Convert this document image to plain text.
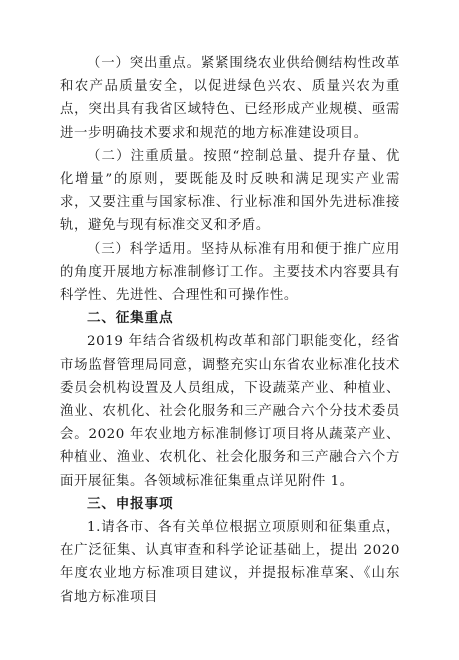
（一）突出重点。紧紧围绕农业供给侧结构性改革和农产品质量安全，以促进绿色兴农、质量兴农为重点，突出具有我省区域特色、已经形成产业规模、亟需进一步明确技术要求和规范的地方标准建设项目。

（二）注重质量。按照“控制总量、提升存量、优化增量”的原则，要既能及时反映和满足现实产业需求，又要注重与国家标准、行业标准和国外先进标准接轨，避免与现有标准交叉和矛盾。

（三）科学适用。坚持从标准有用和便于推广应用的角度开展地方标准制修订工作。主要技术内容要具有科学性、先进性、合理性和可操作性。

二、征集重点

2019 年结合省级机构改革和部门职能变化，经省市场监督管理局同意，调整充实山东省农业标准化技术委员会机构设置及人员组成，下设蔬菜产业、种植业、渔业、农机化、社会化服务和三产融合六个分技术委员会。2020 年农业地方标准制修订项目将从蔬菜产业、种植业、渔业、农机化、社会化服务和三产融合六个方面开展征集。各领域标准征集重点详见附件 1。

三、申报事项

1.请各市、各有关单位根据立项原则和征集重点，在广泛征集、认真审查和科学论证基础上，提出 2020 年度农业地方标准项目建议，并提报标准草案、《山东省地方标准项目
